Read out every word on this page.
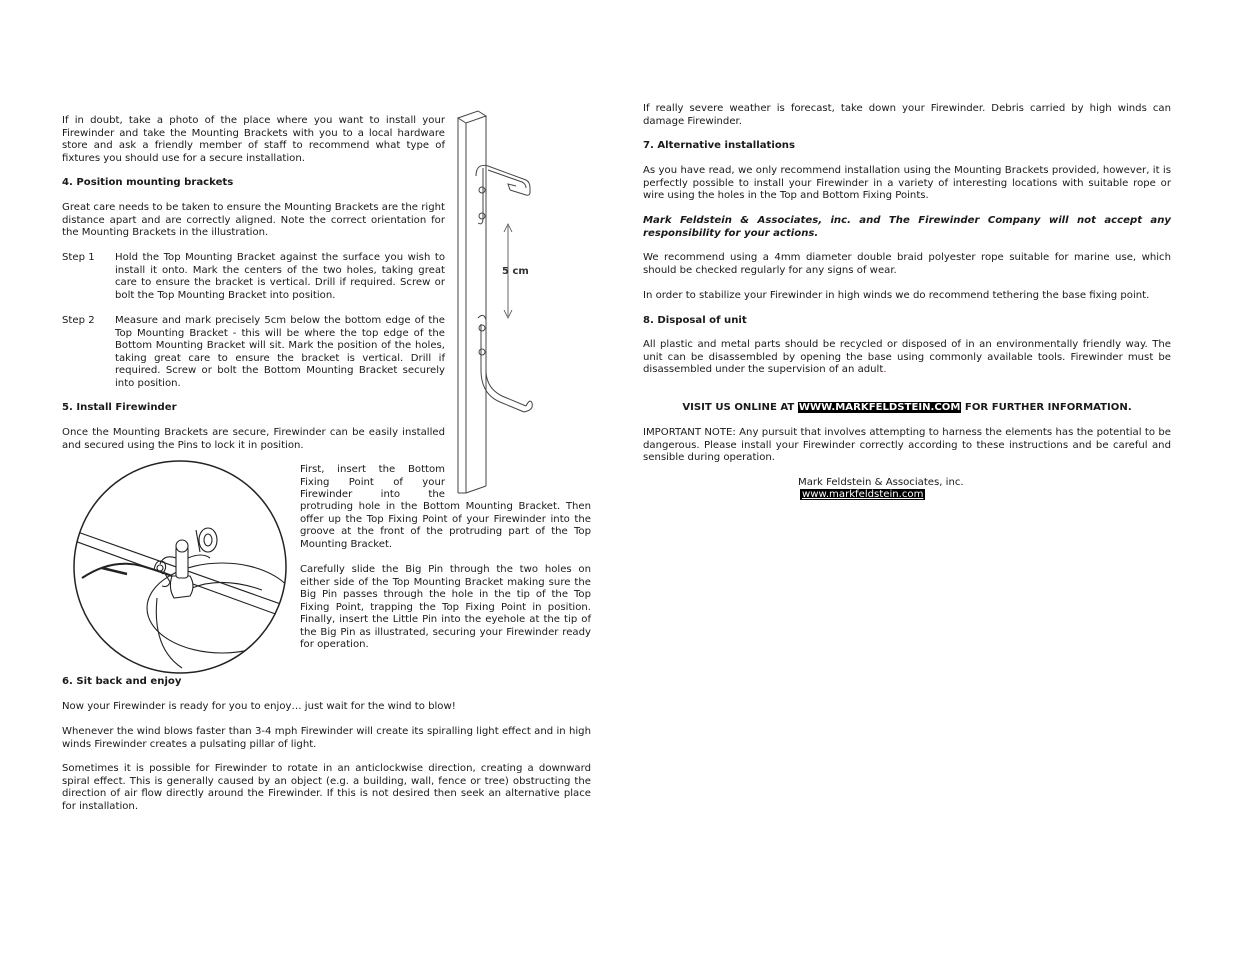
If in doubt, take a photo of the place where you want to install your Firewinder and take the Mounting Brackets with you to a local hardware store and ask a friendly member of staff to recommend what type of fixtures you should use for a secure installation.

4. Position mounting brackets

Great care needs to be taken to ensure the Mounting Brackets are the right distance apart and are correctly aligned. Note the correct orientation for the Mounting Brackets in the illustration.

Step 1 Hold the Top Mounting Bracket against the surface you wish to install it onto. Mark the centers of the two holes, taking great care to ensure the bracket is vertical. Drill if required. Screw or bolt the Top Mounting Bracket into position.

Step 2 Measure and mark precisely 5cm below the bottom edge of the Top Mounting Bracket - this will be where the top edge of the Bottom Mounting Bracket will sit. Mark the position of the holes, taking great care to ensure the bracket is vertical. Drill if required. Screw or bolt the Bottom Mounting Bracket securely into position.

5. Install Firewinder

Once the Mounting Brackets are secure, Firewinder can be easily installed and secured using the Pins to lock it in position.

First, insert the Bottom Fixing Point of your Firewinder into the

protruding hole in the Bottom Mounting Bracket. Then offer up the Top Fixing Point of your Firewinder into the groove at the front of the protruding part of the Top Mounting Bracket.

Carefully slide the Big Pin through the two holes on either side of the Top Mounting Bracket making sure the Big Pin passes through the hole in the tip of the Top Fixing Point, trapping the Top Fixing Point in position. Finally, insert the Little Pin into the eyehole at the tip of the Big Pin as illustrated, securing your Firewinder ready for operation.

6. Sit back and enjoy

Now your Firewinder is ready for you to enjoy… just wait for the wind to blow!

Whenever the wind blows faster than 3-4 mph Firewinder will create its spiralling light effect and in high winds Firewinder creates a pulsating pillar of light.

Sometimes it is possible for Firewinder to rotate in an anticlockwise direction, creating a downward spiral effect. This is generally caused by an object (e.g. a building, wall, fence or tree) obstructing the direction of air flow directly around the Firewinder. If this is not desired then seek an alternative place for installation.

5 cm

If really severe weather is forecast, take down your Firewinder. Debris carried by high winds can damage Firewinder.

7. Alternative installations

As you have read, we only recommend installation using the Mounting Brackets provided, however, it is perfectly possible to install your Firewinder in a variety of interesting locations with suitable rope or wire using the holes in the Top and Bottom Fixing Points.

Mark Feldstein & Associates, inc. and The Firewinder Company will not accept any responsibility for your actions.

We recommend using a 4mm diameter double braid polyester rope suitable for marine use, which should be checked regularly for any signs of wear.

In order to stabilize your Firewinder in high winds we do recommend tethering the base fixing point.

8. Disposal of unit

All plastic and metal parts should be recycled or disposed of in an environmentally friendly way. The unit can be disassembled by opening the base using commonly available tools. Firewinder must be disassembled under the supervision of an adult.

VISIT US ONLINE AT WWW.MARKFELDSTEIN.COM FOR FURTHER INFORMATION.

IMPORTANT NOTE: Any pursuit that involves attempting to harness the elements has the potential to be dangerous. Please install your Firewinder correctly according to these instructions and be careful and sensible during operation.

Mark Feldstein & Associates, inc.

www.markfeldstein.com
